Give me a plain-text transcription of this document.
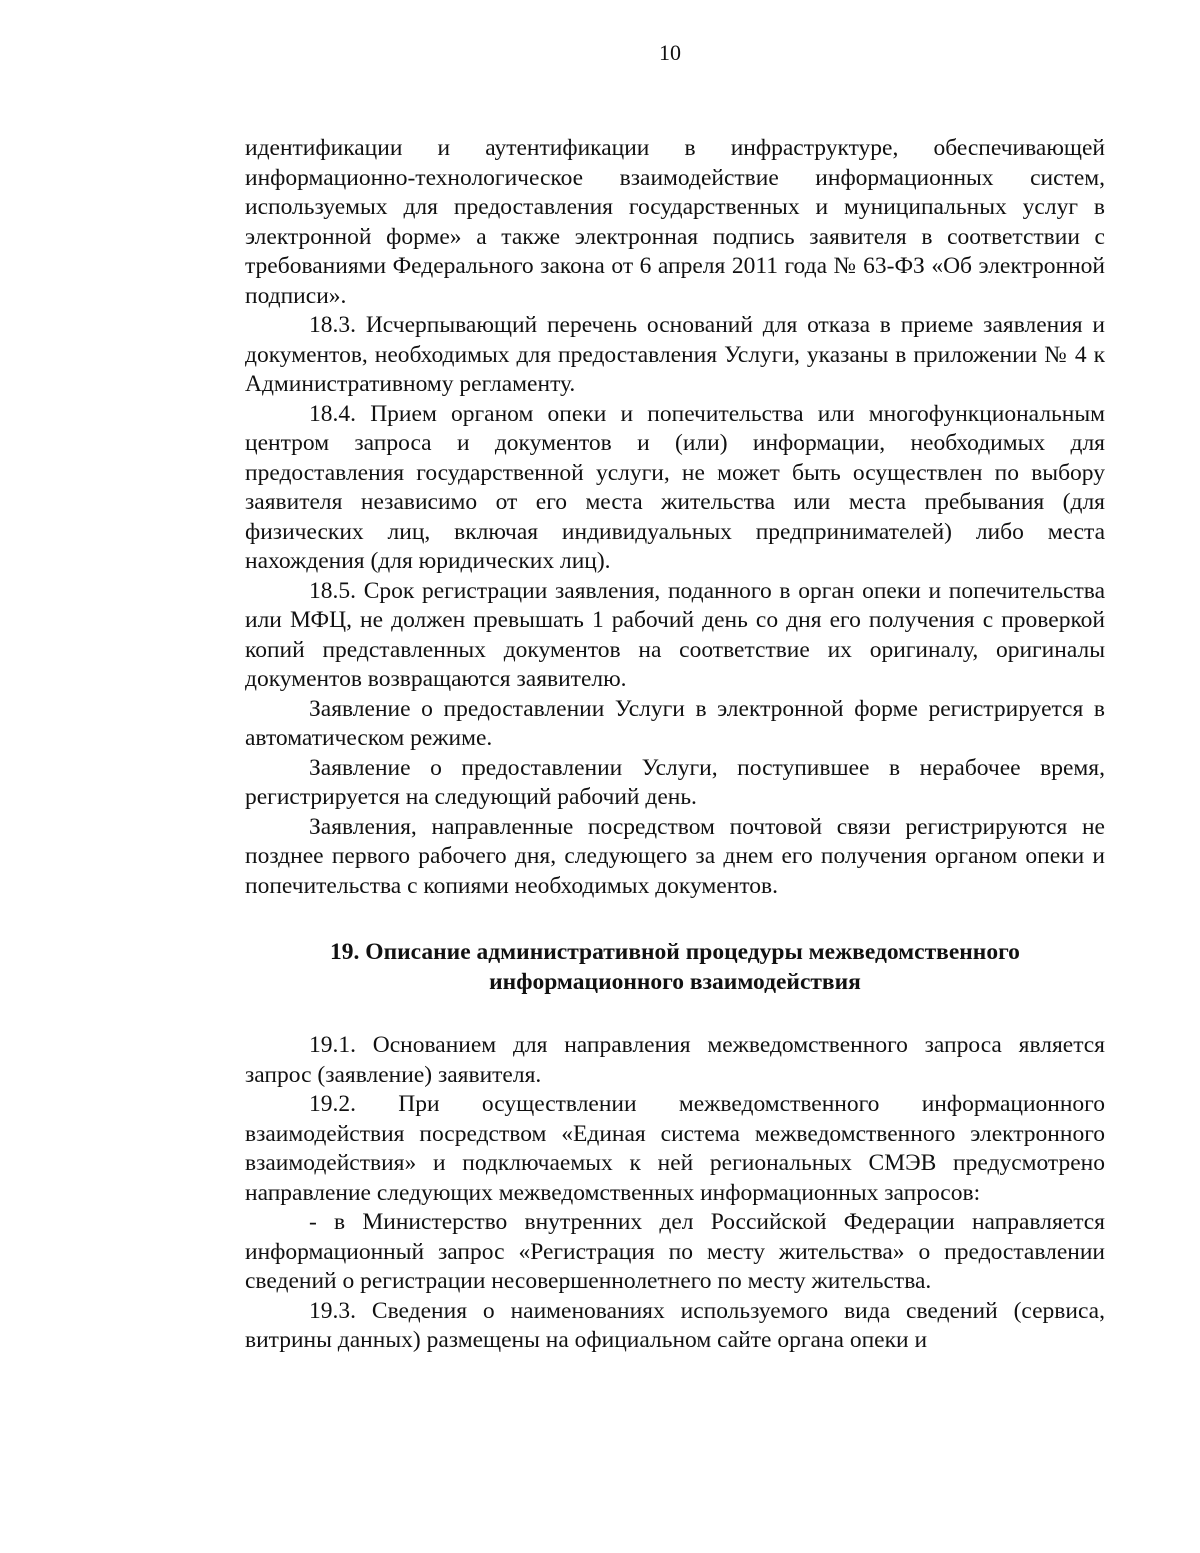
10

идентификации и аутентификации в инфраструктуре, обеспечивающей информационно-технологическое взаимодействие информационных систем, используемых для предоставления государственных и муниципальных услуг в электронной форме» а также электронная подпись заявителя в соответствии с требованиями Федерального закона от 6 апреля 2011 года № 63-ФЗ «Об электронной подписи».

18.3. Исчерпывающий перечень оснований для отказа в приеме заявления и документов, необходимых для предоставления Услуги, указаны в приложении № 4 к Административному регламенту.

18.4. Прием органом опеки и попечительства или многофункциональным центром запроса и документов и (или) информации, необходимых для предоставления государственной услуги, не может быть осуществлен по выбору заявителя независимо от его места жительства или места пребывания (для физических лиц, включая индивидуальных предпринимателей) либо места нахождения (для юридических лиц).

18.5. Срок регистрации заявления, поданного в орган опеки и попечительства или МФЦ, не должен превышать 1 рабочий день со дня его получения с проверкой копий представленных документов на соответствие их оригиналу, оригиналы документов возвращаются заявителю.

Заявление о предоставлении Услуги в электронной форме регистрируется в автоматическом режиме.

Заявление о предоставлении Услуги, поступившее в нерабочее время, регистрируется на следующий рабочий день.

Заявления, направленные посредством почтовой связи регистрируются не позднее первого рабочего дня, следующего за днем его получения органом опеки и попечительства с копиями необходимых документов.

19. Описание административной процедуры межведомственного
информационного взаимодействия

19.1. Основанием для направления межведомственного запроса является запрос (заявление) заявителя.

19.2. При осуществлении межведомственного информационного взаимодействия посредством «Единая система межведомственного электронного взаимодействия» и подключаемых к ней региональных СМЭВ предусмотрено направление следующих межведомственных информационных запросов:

- в Министерство внутренних дел Российской Федерации направляется информационный запрос «Регистрация по месту жительства» о предоставлении сведений о регистрации несовершеннолетнего по месту жительства.

19.3. Сведения о наименованиях используемого вида сведений (сервиса, витрины данных) размещены на официальном сайте органа опеки и
